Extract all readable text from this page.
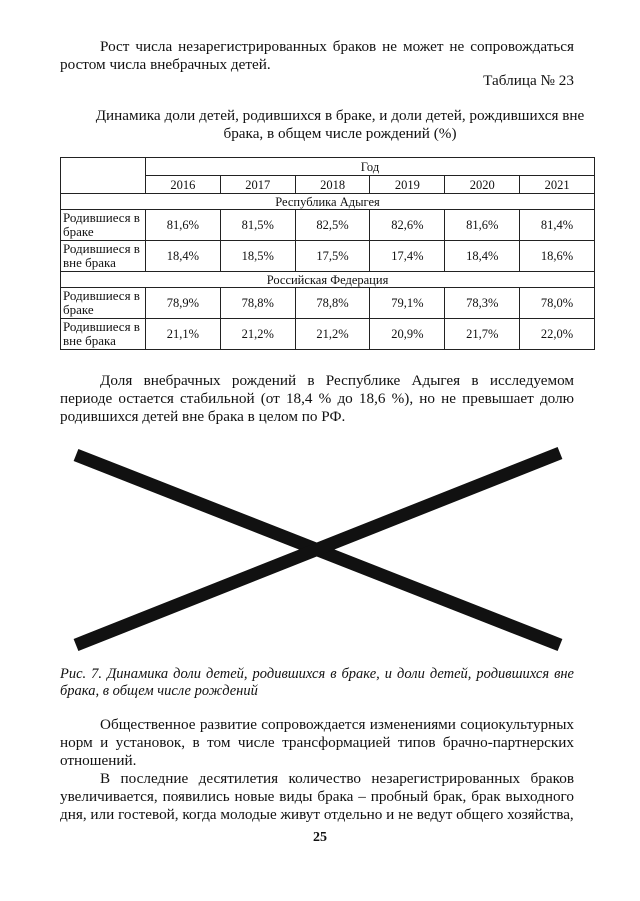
Рост числа незарегистрированных браков не может не сопровождаться ростом числа внебрачных детей.
Таблица № 23
Динамика доли детей, родившихся в браке, и доли детей, рождившихся вне брака, в общем числе рождений (%)
	Год					
	2016	2017	2018	2019	2020	2021
Республика Адыгея						
Родившиеся в браке	81,6%	81,5%	82,5%	82,6%	81,6%	81,4%
Родившиеся в вне брака	18,4%	18,5%	17,5%	17,4%	18,4%	18,6%
Российская Федерация						
Родившиеся в браке	78,9%	78,8%	78,8%	79,1%	78,3%	78,0%
Родившиеся в вне брака	21,1%	21,2%	21,2%	20,9%	21,7%	22,0%
Доля внебрачных рождений в Республике Адыгея в исследуемом периоде остается стабильной (от 18,4 % до 18,6 %), но не превышает долю родившихся детей вне брака в целом по РФ.
Рис. 7. Динамика доли детей, родившихся в браке, и доли детей, родившихся вне брака, в общем числе рождений
Общественное развитие сопровождается изменениями социокультурных норм и установок, в том числе трансформацией типов брачно-партнерских отношений.
В последние десятилетия количество незарегистрированных браков увеличивается, появились новые виды брака – пробный брак, брак выходного дня, или гостевой, когда молодые живут отдельно и не ведут общего хозяйства,
25
